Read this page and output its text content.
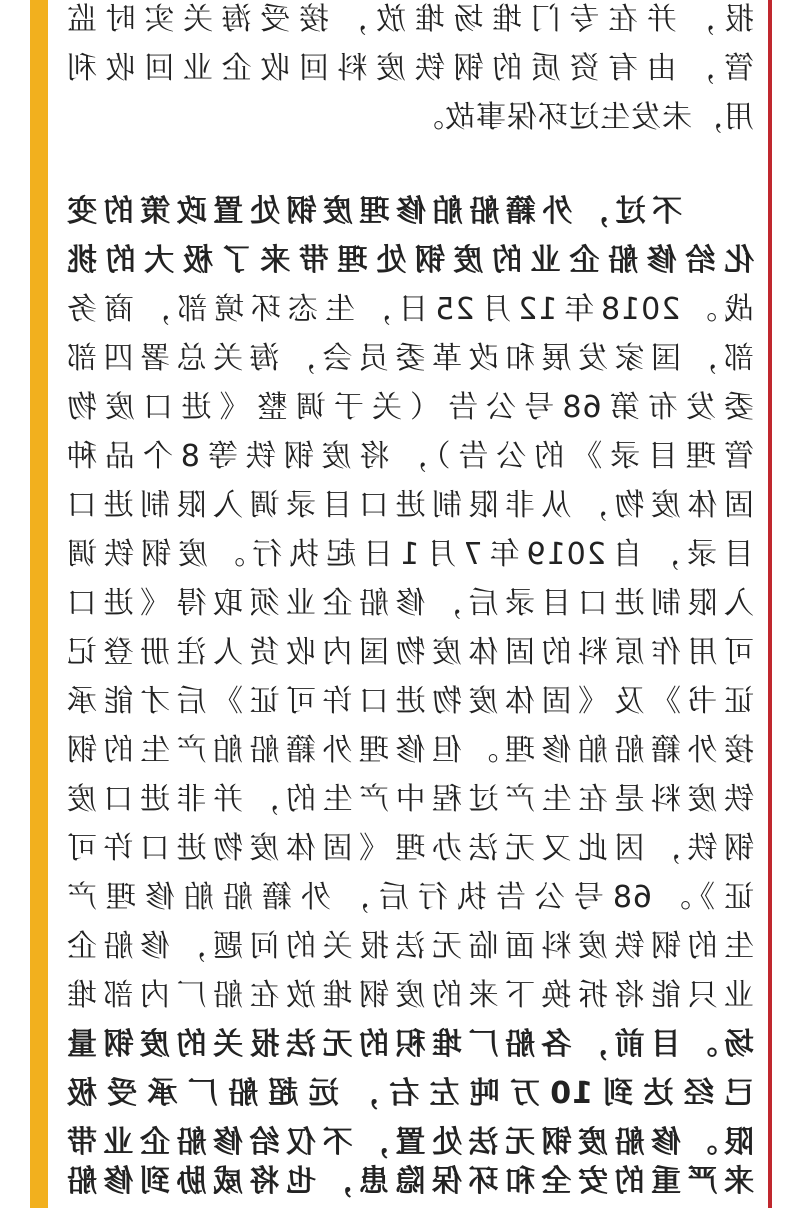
报，并在专门堆场堆放，接受海关实时监
管，由有资质的钢铁废料回收企业回收利
用，未发生过环保事故。
不过，外籍船舶修理废钢处置政策的变
化给修船企业的废钢处理带来了极大的挑
战。2018年12月25日，生态环境部，商务
部，国家发展和改革委员会，海关总署四部
委发布第68号公告（关于调整《进口废物
管理目录》的公告），将废钢铁等8个品种
固体废物，从非限制进口目录调入限制进口
目录，自2019年7月1日起执行。废钢铁调
入限制进口目录后，修船企业须取得《进口
可用作原料的固体废物国内收货人注册登记
证书》及《固体废物进口许可证》后才能承
接外籍船舶修理。但修理外籍船舶产生的钢
铁废料是在生产过程中产生的，并非进口废
钢铁，因此又无法办理《固体废物进口许可
证》。68号公告执行后，外籍船舶修理产
生的钢铁废料面临无法报关的问题，修船企
业只能将拆换下来的废钢堆放在船厂内部堆
场。目前，各船厂堆积的无法报关的废钢量
已经达到10万吨左右，远超船厂承受极
限。修船废钢无法处置，不仅给修船企业带
来严重的安全和环保隐患，也将威胁到修船
